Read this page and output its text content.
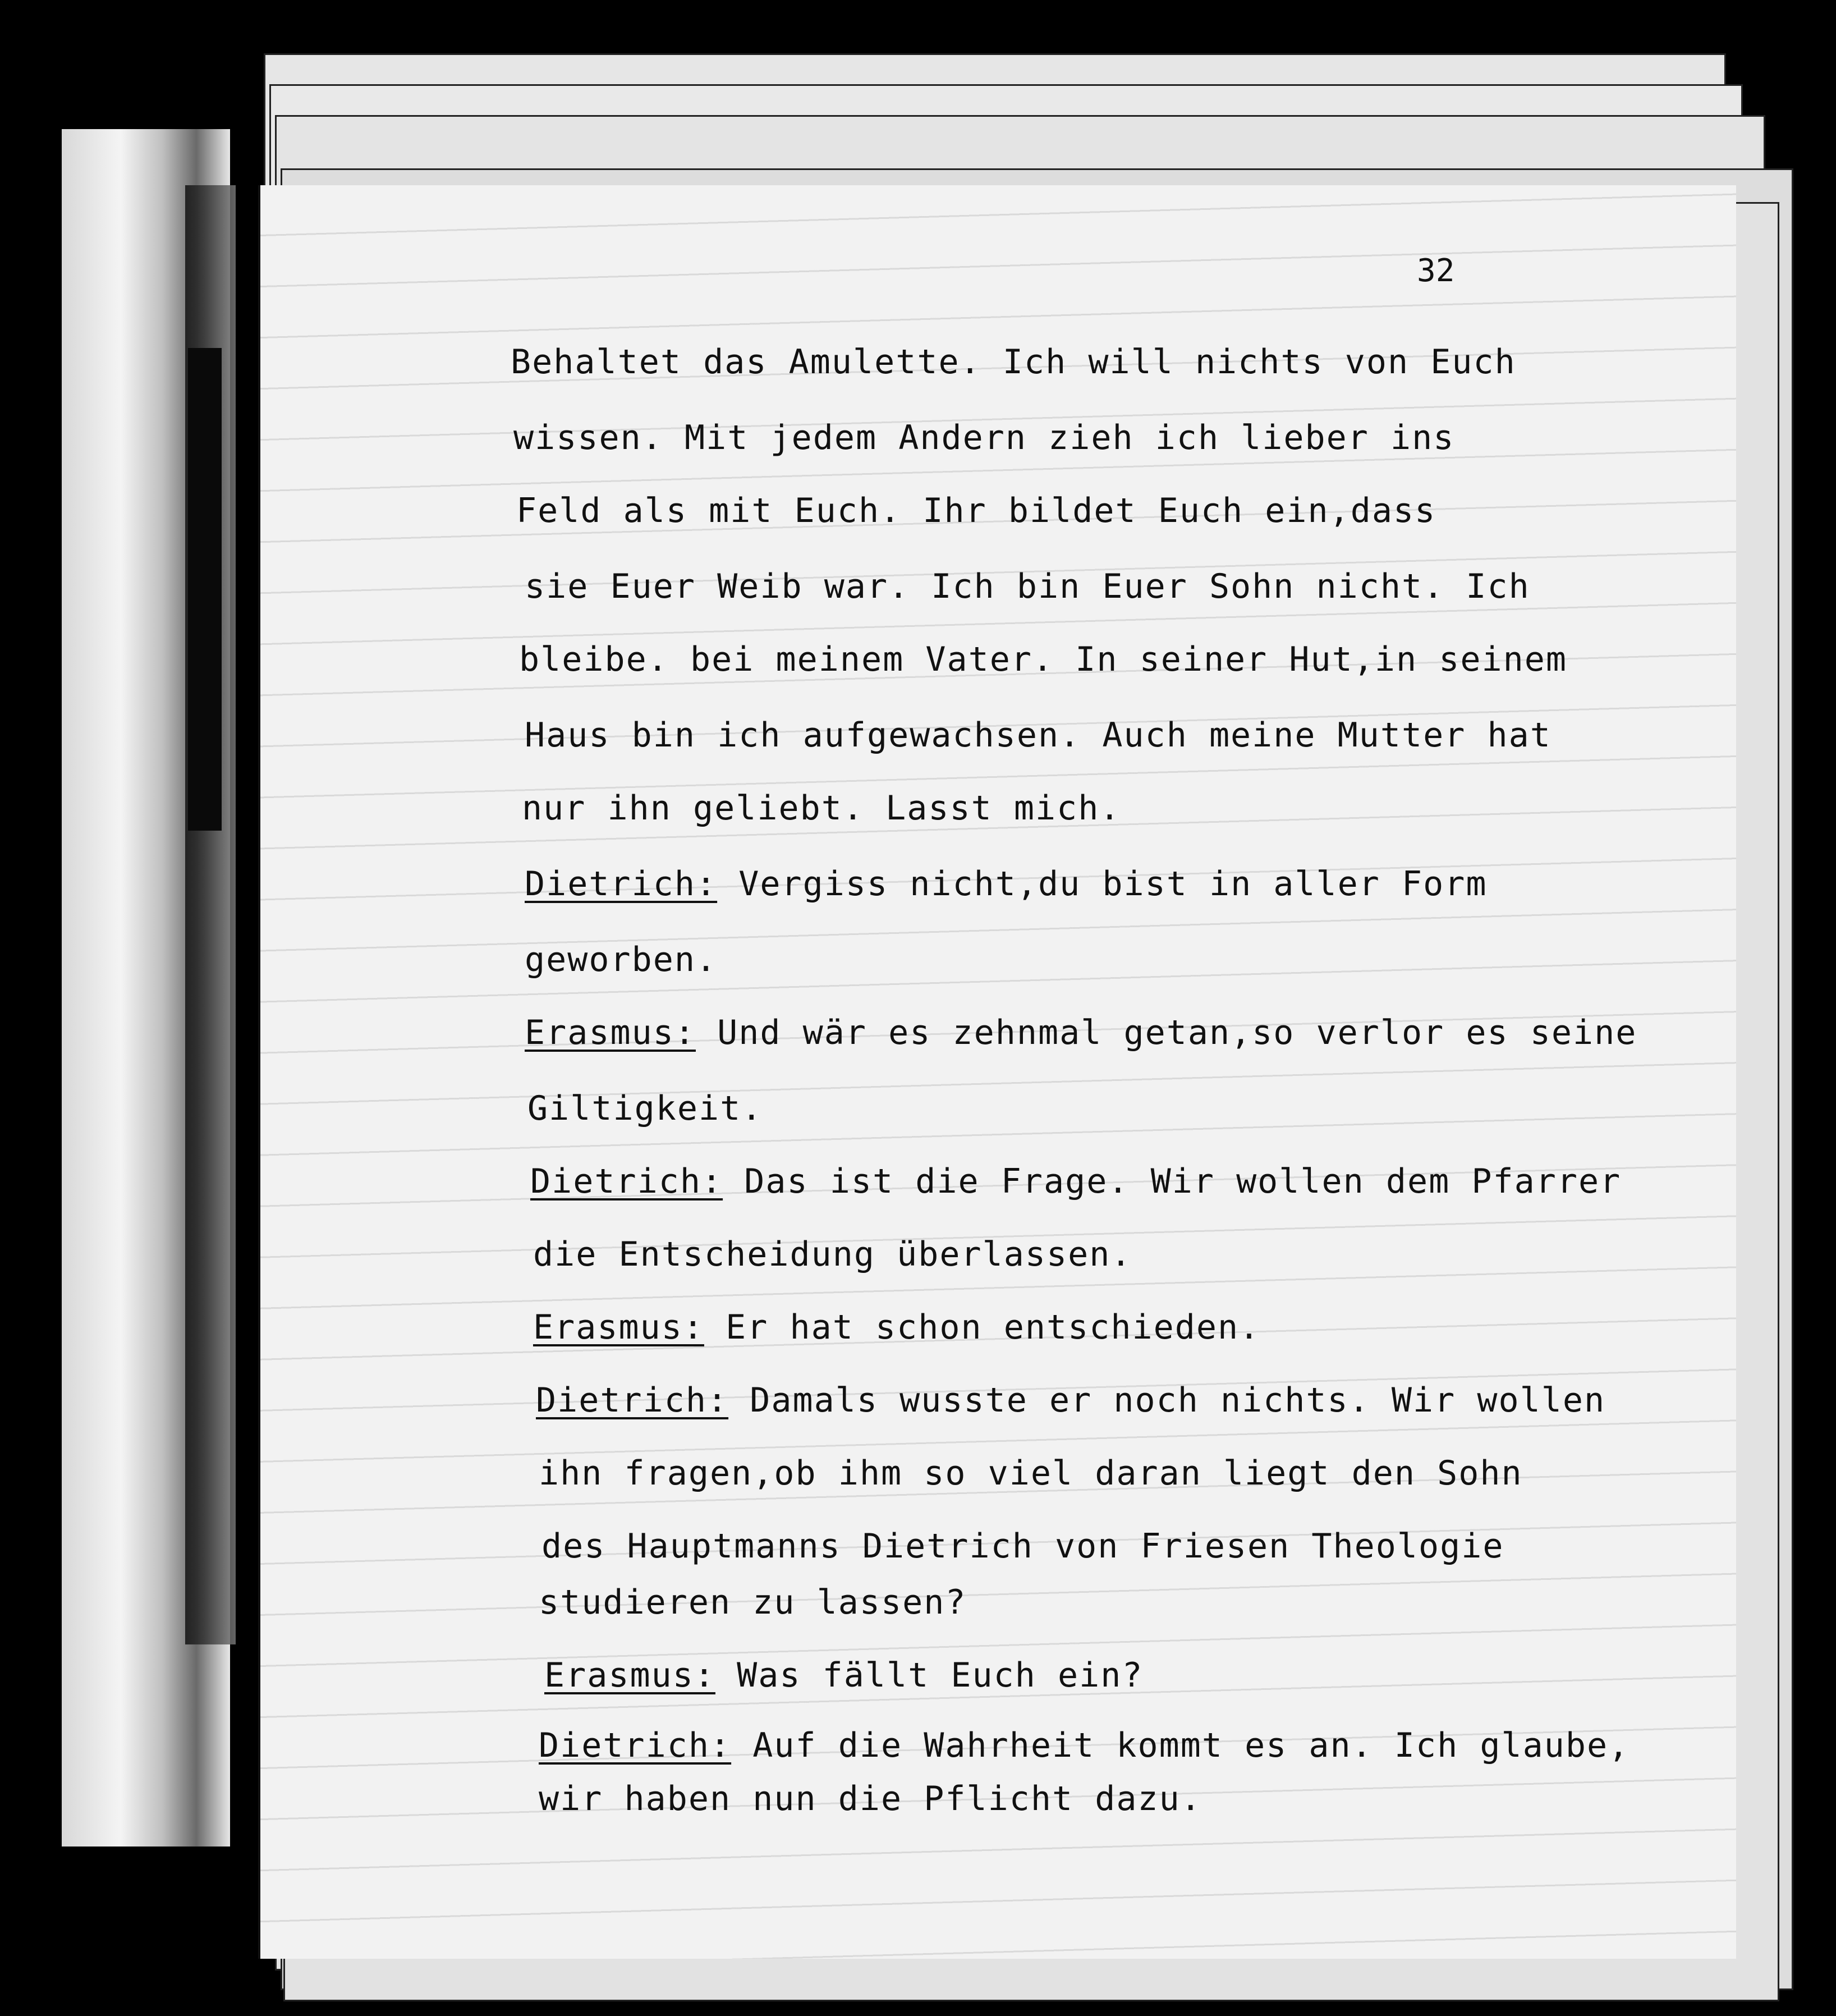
32
Behaltet das Amulette. Ich will nichts von Euch
wissen. Mit jedem Andern zieh ich lieber ins
Feld als mit Euch. Ihr bildet Euch ein,dass
sie Euer Weib war. Ich bin Euer Sohn nicht. Ich
bleibe. bei meinem Vater. In seiner Hut,in seinem
Haus bin ich aufgewachsen. Auch meine Mutter hat
nur ihn geliebt. Lasst mich.
Dietrich: Vergiss nicht,du bist in aller Form
geworben.
Erasmus: Und wär es zehnmal getan,so verlor es seine
Giltigkeit.
Dietrich: Das ist die Frage. Wir wollen dem Pfarrer
die Entscheidung überlassen.
Erasmus: Er hat schon entschieden.
Dietrich: Damals wusste er noch nichts. Wir wollen
ihn fragen,ob ihm so viel daran liegt den Sohn
des Hauptmanns Dietrich von Friesen Theologie
studieren zu lassen?
Erasmus: Was fällt Euch ein?
Dietrich: Auf die Wahrheit kommt es an. Ich glaube,
wir haben nun die Pflicht dazu.
